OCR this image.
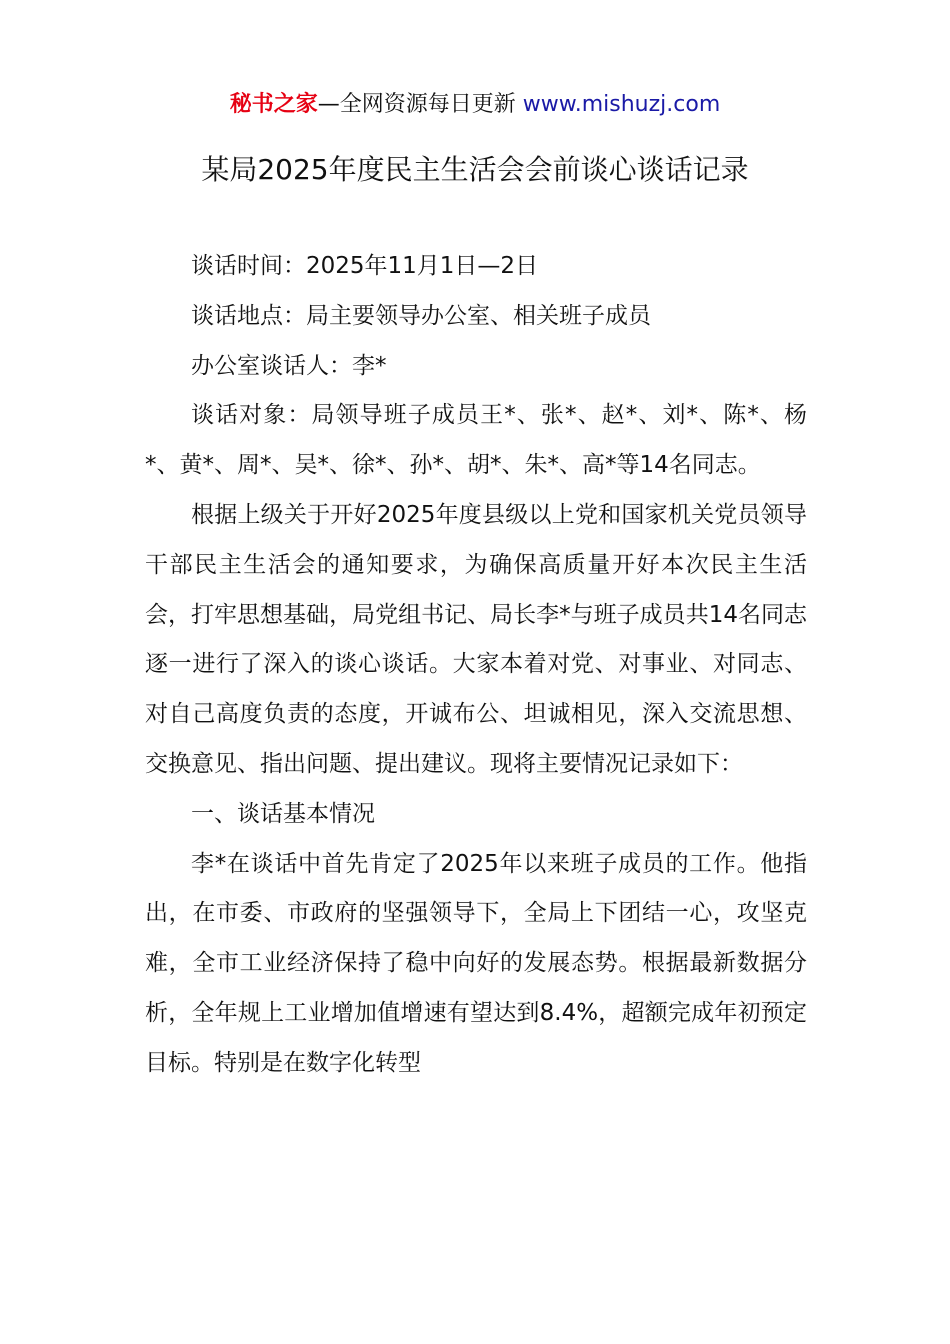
秘书之家—全网资源每日更新 www.mishuzj.com
某局2025年度民主生活会会前谈心谈话记录

谈话时间：2025年11月1日—2日

谈话地点：局主要领导办公室、相关班子成员

办公室谈话人：李*

谈话对象：局领导班子成员王*、张*、赵*、刘*、陈*、杨*、黄*、周*、吴*、徐*、孙*、胡*、朱*、高*等14名同志。

根据上级关于开好2025年度县级以上党和国家机关党员领导干部民主生活会的通知要求，为确保高质量开好本次民主生活会，打牢思想基础，局党组书记、局长李*与班子成员共14名同志逐一进行了深入的谈心谈话。大家本着对党、对事业、对同志、对自己高度负责的态度，开诚布公、坦诚相见，深入交流思想、交换意见、指出问题、提出建议。现将主要情况记录如下：

一、谈话基本情况

李*在谈话中首先肯定了2025年以来班子成员的工作。他指出，在市委、市政府的坚强领导下，全局上下团结一心，攻坚克难，全市工业经济保持了稳中向好的发展态势。根据最新数据分析，全年规上工业增加值增速有望达到8.4%，超额完成年初预定目标。特别是在数字化转型
